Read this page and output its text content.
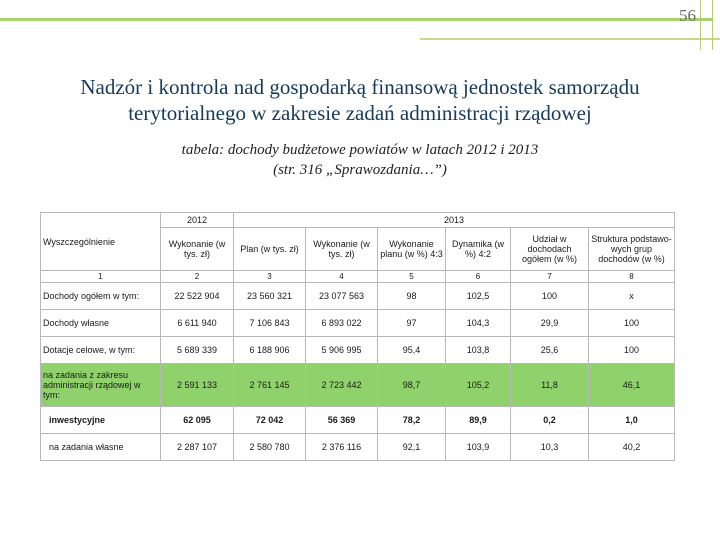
56
Nadzór i kontrola nad gospodarką finansową jednostek samorządu terytorialnego w zakresie zadań administracji rządowej
tabela: dochody budżetowe powiatów w latach 2012 i 2013
(str. 316 „Sprawozdania…”)
Wyszczególnienie	2012	2013					
	Wykonanie (w tys. zł)	Plan (w tys. zł)	Wykonanie (w tys. zł)	Wykonanie planu (w %) 4:3	Dynamika (w %) 4:2	Udział w dochodach ogółem (w %)	Struktura podstawo-wych grup dochodów (w %)
1	2	3	4	5	6	7	8
Dochody ogółem w tym:	22 522 904	23 560 321	23 077 563	98	102,5	100	x
Dochody własne	6 611 940	7 106 843	6 893 022	97	104,3	29,9	100
Dotacje celowe, w tym:	5 689 339	6 188 906	5 906 995	95,4	103,8	25,6	100
na zadania z zakresu administracji rządowej w tym:	2 591 133	2 761 145	2 723 442	98,7	105,2	11,8	46,1
inwestycyjne	62 095	72 042	56 369	78,2	89,9	0,2	1,0
na zadania własne	2 287 107	2 580 780	2 376 116	92,1	103,9	10,3	40,2
